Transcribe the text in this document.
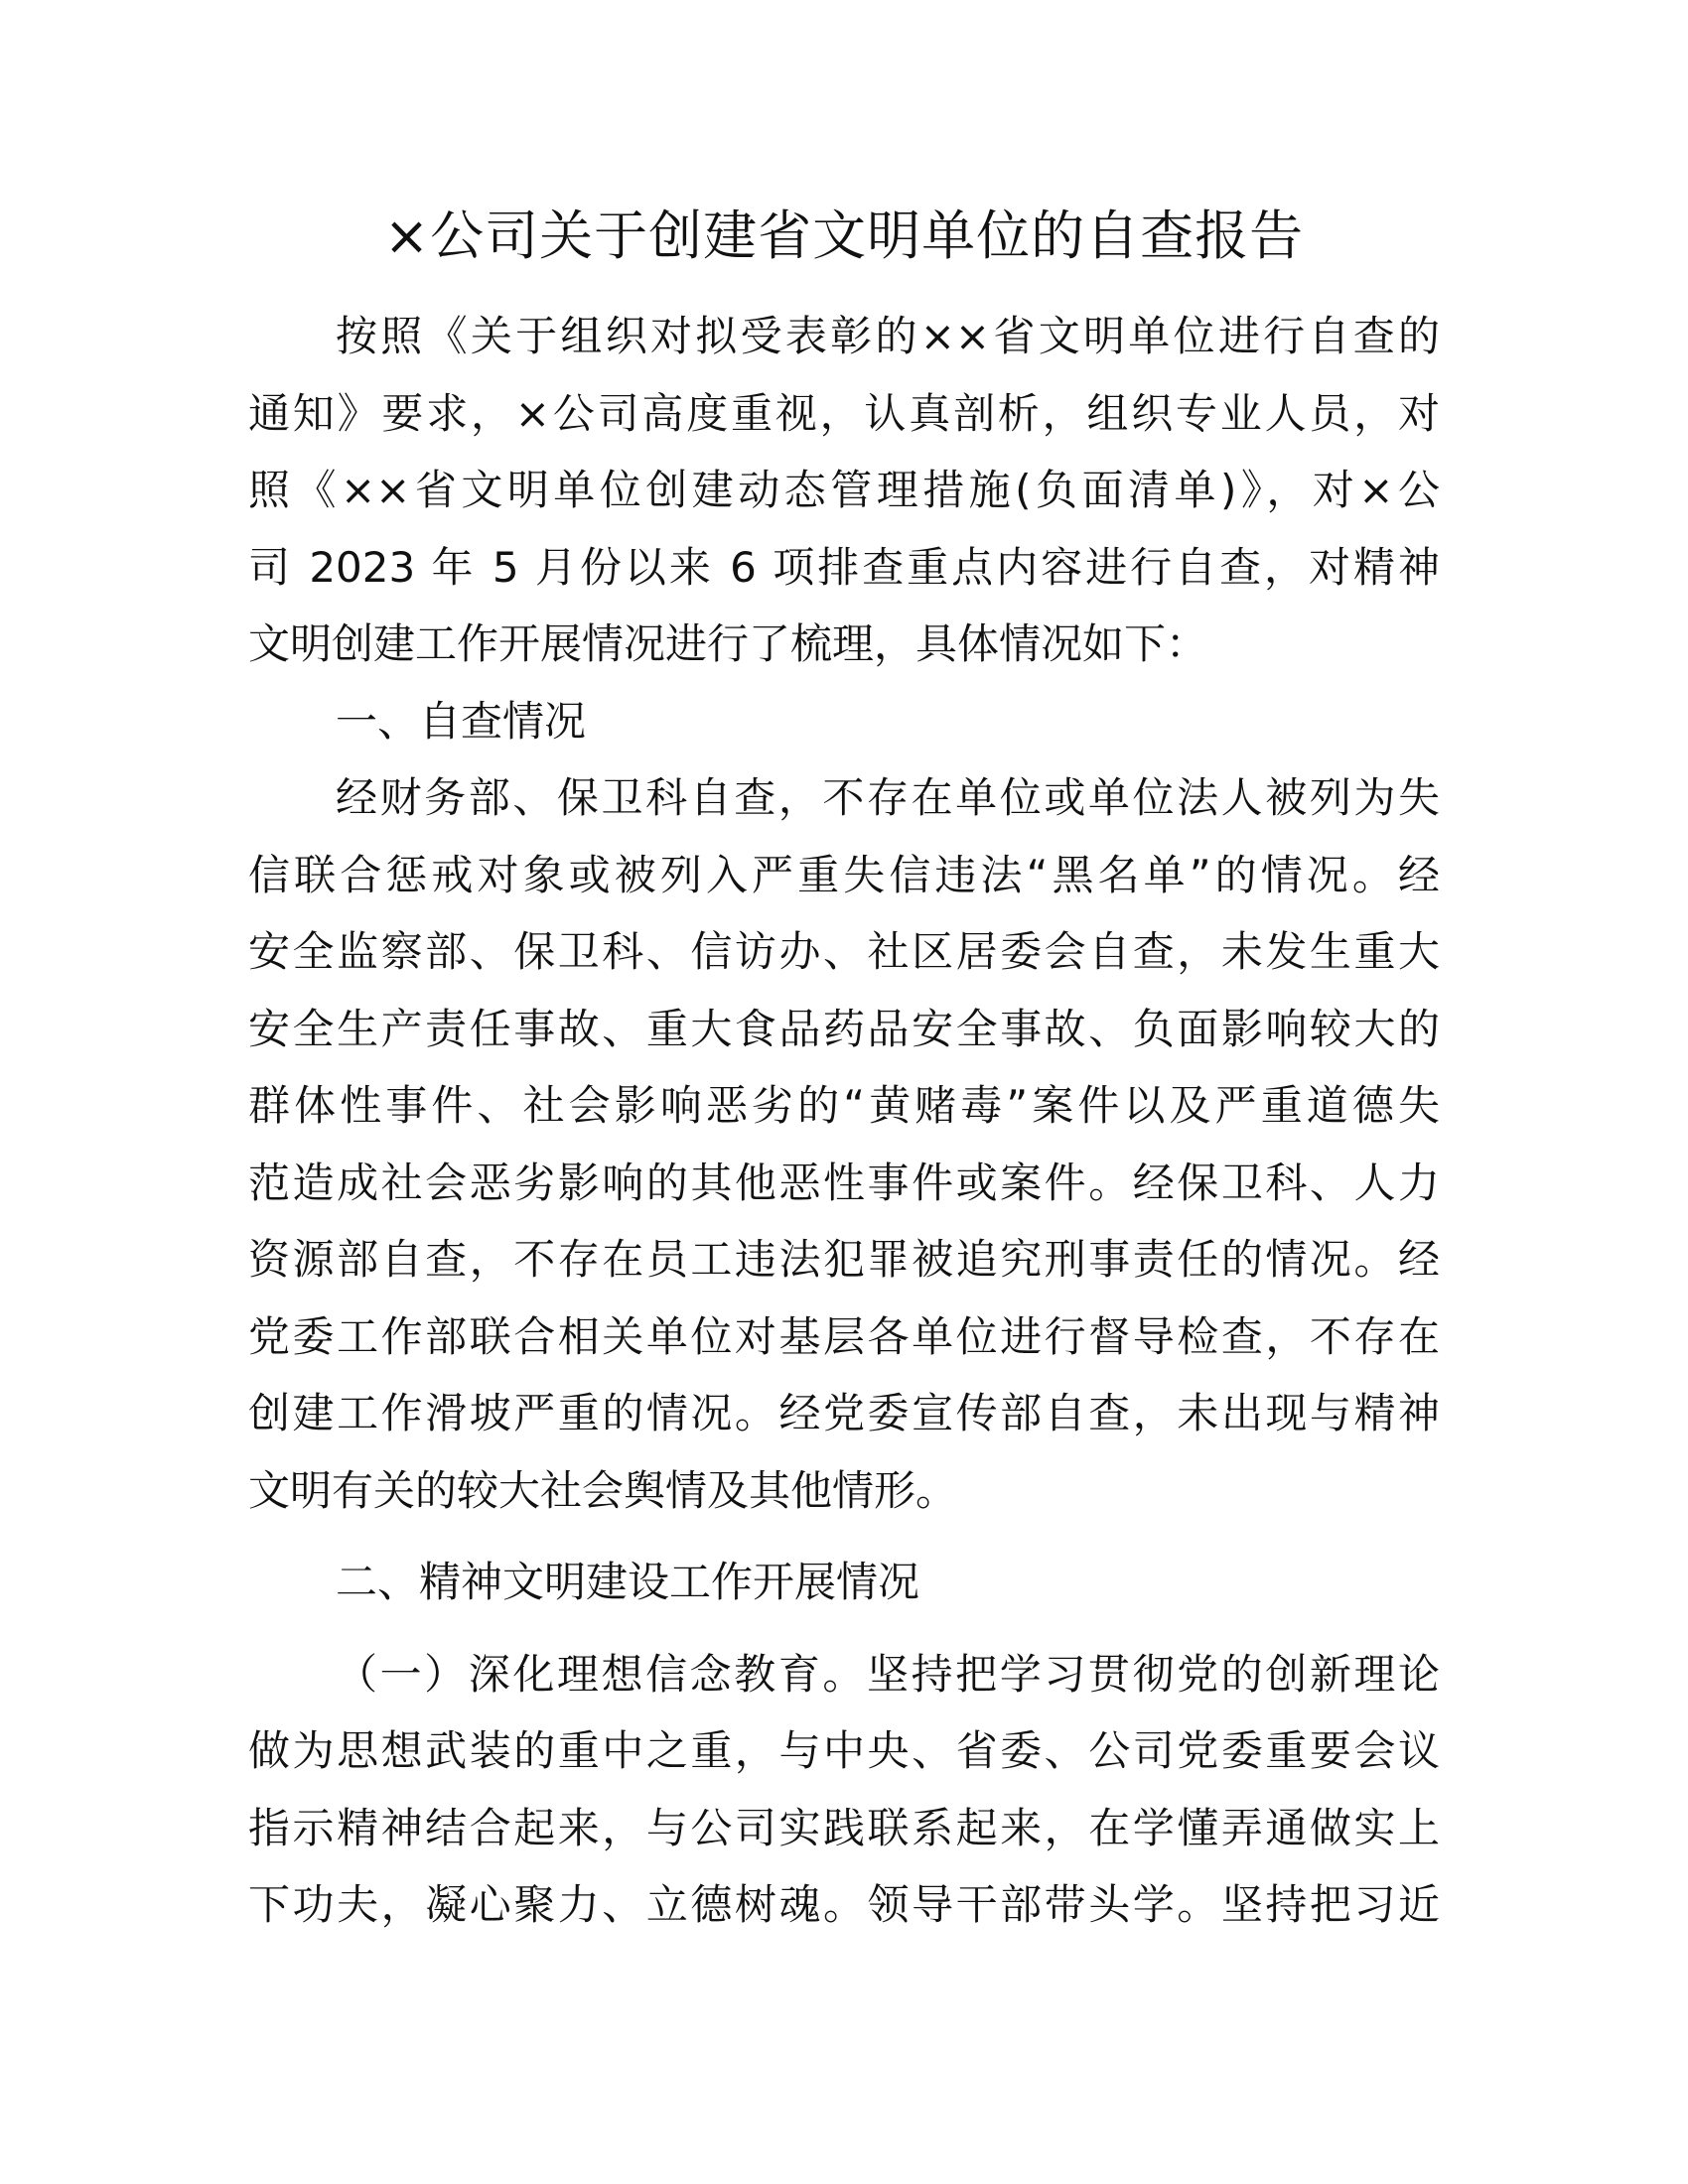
×公司关于创建省文明单位的自查报告
按照《关于组织对拟受表彰的××省文明单位进行自查的
通知》要求，×公司高度重视，认真剖析，组织专业人员，对
照《××省文明单位创建动态管理措施(负面清单)》，对×公
司 2023 年 5 月份以来 6 项排查重点内容进行自查，对精神
文明创建工作开展情况进行了梳理，具体情况如下：
一、自查情况
经财务部、保卫科自查，不存在单位或单位法人被列为失
信联合惩戒对象或被列入严重失信违法“黑名单”的情况。经
安全监察部、保卫科、信访办、社区居委会自查，未发生重大
安全生产责任事故、重大食品药品安全事故、负面影响较大的
群体性事件、社会影响恶劣的“黄赌毒”案件以及严重道德失
范造成社会恶劣影响的其他恶性事件或案件。经保卫科、人力
资源部自查，不存在员工违法犯罪被追究刑事责任的情况。经
党委工作部联合相关单位对基层各单位进行督导检查，不存在
创建工作滑坡严重的情况。经党委宣传部自查，未出现与精神
文明有关的较大社会舆情及其他情形。
二、精神文明建设工作开展情况
（一）深化理想信念教育。坚持把学习贯彻党的创新理论
做为思想武装的重中之重，与中央、省委、公司党委重要会议
指示精神结合起来，与公司实践联系起来，在学懂弄通做实上
下功夫，凝心聚力、立德树魂。领导干部带头学。坚持把习近
